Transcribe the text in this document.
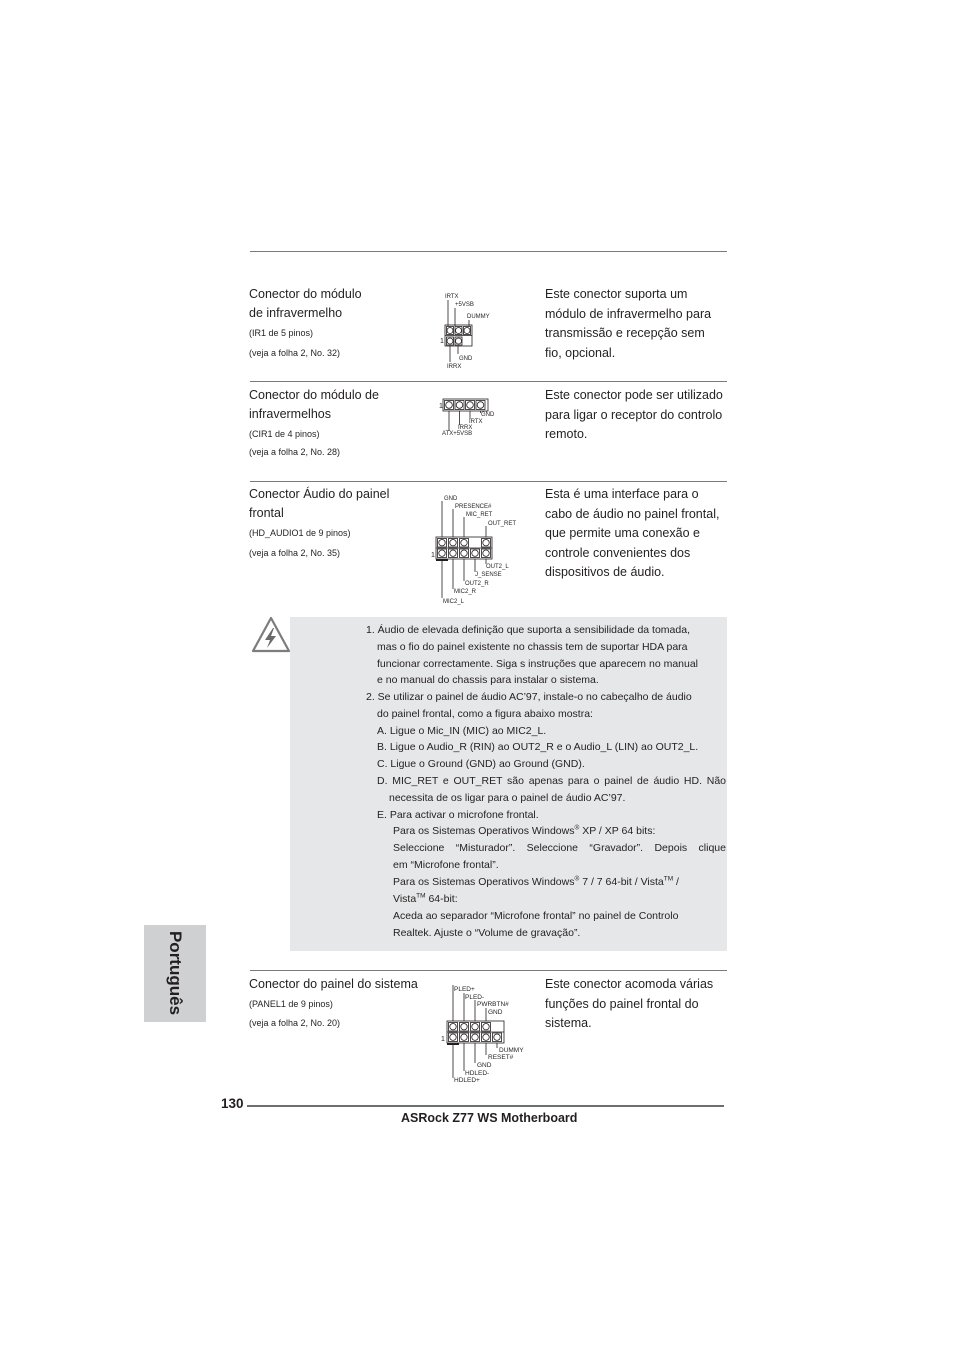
Conector do módulo
de infravermelho
(IR1 de 5 pinos)
(veja a folha 2, No. 32)
IRTX
+5VSB
DUMMY
1
GND
IRRX
Este conector suporta um
módulo de infravermelho para
transmissão e recepção sem
fio, opcional.
Conector do módulo de
infravermelhos
(CIR1 de 4 pinos)
(veja a folha 2, No. 28)
1
GND
IRTX
IRRX
ATX+5VSB
Este conector pode ser utilizado
para ligar o receptor do controlo
remoto.
Conector Áudio do painel
frontal
(HD_AUDIO1 de 9 pinos)
(veja a folha 2, No. 35)
GND
PRESENCE#
MIC_RET
OUT_RET
1
OUT2_L
J_SENSE
OUT2_R
MIC2_R
MIC2_L
Esta é uma interface para o
cabo de áudio no painel frontal,
que permite uma conexão e
controle convenientes dos
dispositivos de áudio.
1. Áudio de elevada definição que suporta a sensibilidade da tomada,
mas o fio do painel existente no chassis tem de suportar HDA para
funcionar correctamente. Siga s instruções que aparecem no manual
e no manual do chassis para instalar o sistema.
2. Se utilizar o painel de áudio AC’97, instale-o no cabeçalho de áudio
do painel frontal, como a figura abaixo mostra:
A. Ligue o Mic_IN (MIC) ao MIC2_L.
B. Ligue o Audio_R (RIN) ao OUT2_R e o Audio_L (LIN) ao OUT2_L.
C. Ligue o Ground (GND) ao Ground (GND).
D. MIC_RET e OUT_RET são apenas para o painel de áudio HD. Não
necessita de os ligar para o painel de áudio AC’97.
E. Para activar o microfone frontal.
Para os Sistemas Operativos Windows® XP / XP 64 bits:
Seleccione “Misturador”. Seleccione “Gravador”. Depois clique
em “Microfone frontal”.
Para os Sistemas Operativos Windows® 7 / 7 64-bit / Vista™ /
Vista™ 64-bit:
Aceda ao separador “Microfone frontal” no painel de Controlo
Realtek. Ajuste o “Volume de gravação”.
Conector do painel do sistema
(PANEL1 de 9 pinos)
(veja a folha 2, No. 20)
PLED+
PLED-
PWRBTN#
GND
1
DUMMY
RESET#
GND
HDLED-
HDLED+
Este conector acomoda várias
funções do painel frontal do
sistema.
Português
130
ASRock Z77 WS Motherboard
